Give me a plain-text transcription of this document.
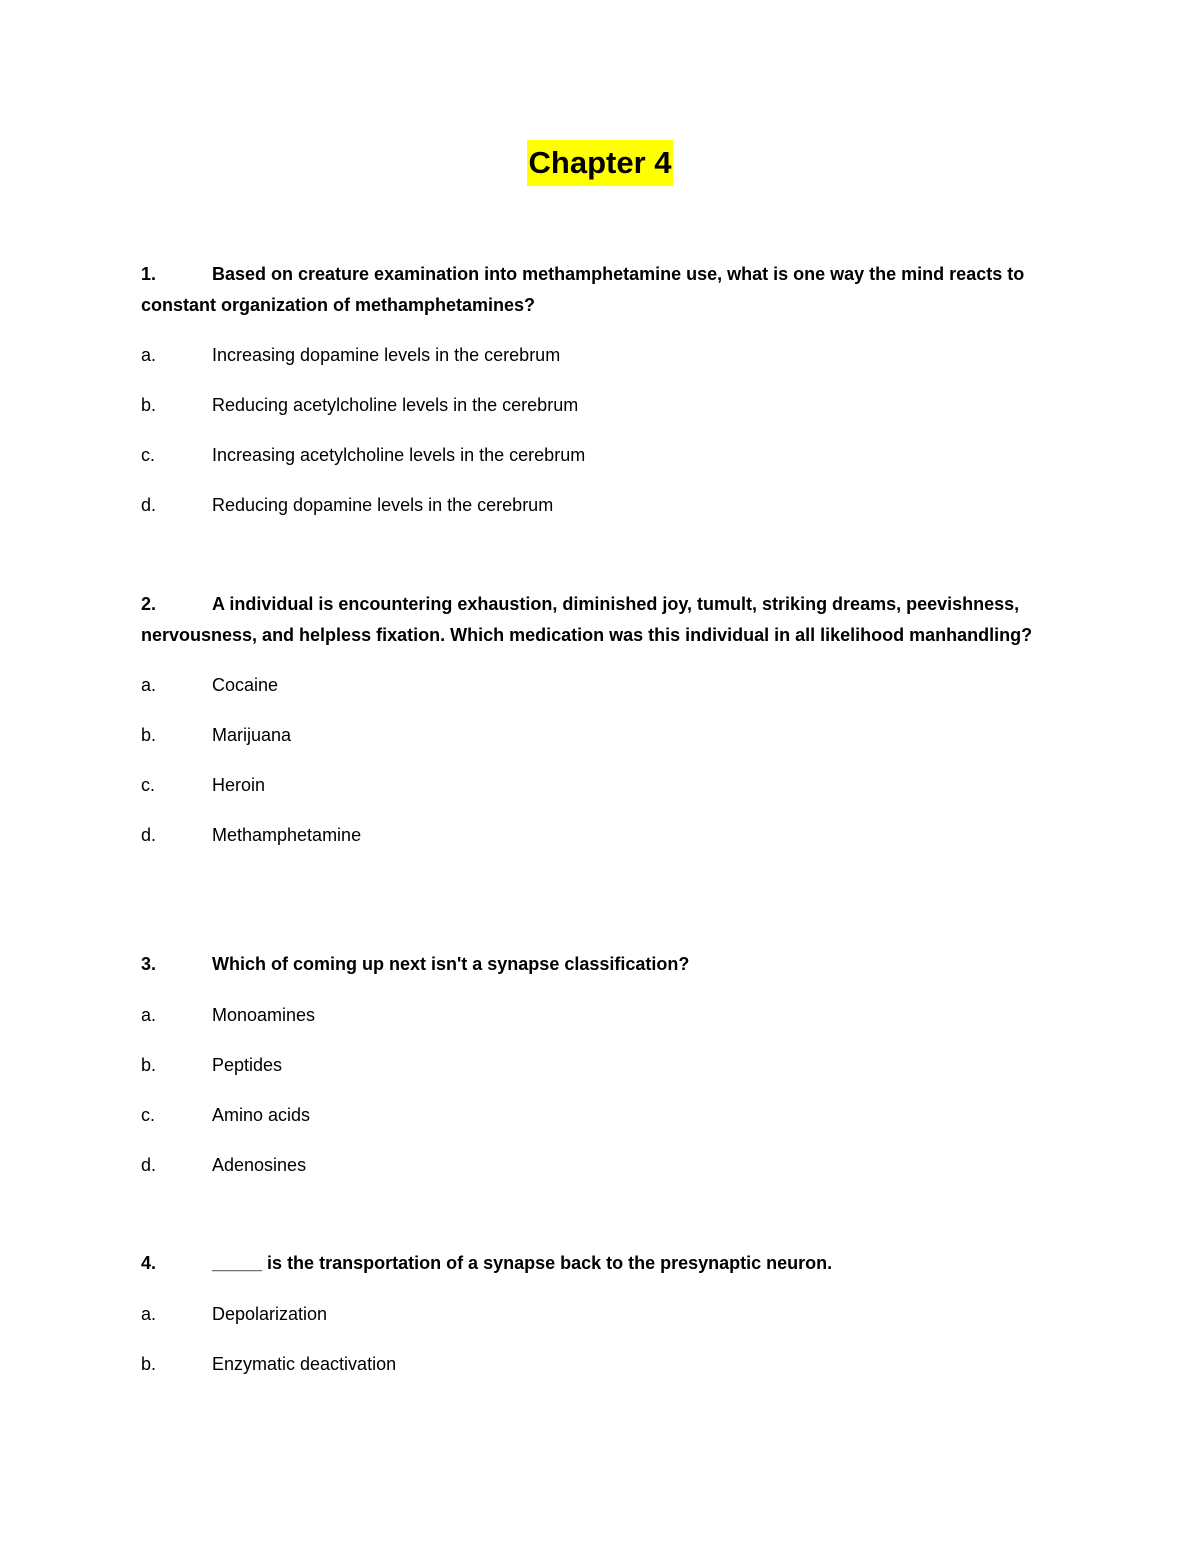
Chapter 4
1.	Based on creature examination into methamphetamine use, what is one way the mind reacts to constant organization of methamphetamines?
a.	Increasing dopamine levels in the cerebrum
b.	Reducing acetylcholine levels in the cerebrum
c.	Increasing acetylcholine levels in the cerebrum
d.	Reducing dopamine levels in the cerebrum
2.	A individual is encountering exhaustion, diminished joy, tumult, striking dreams, peevishness, nervousness, and helpless fixation. Which medication was this individual in all likelihood manhandling?
a.	Cocaine
b.	Marijuana
c.	Heroin
d.	Methamphetamine
3.	Which of coming up next isn't a synapse classification?
a.	Monoamines
b.	Peptides
c.	Amino acids
d.	Adenosines
4.	_____ is the transportation of a synapse back to the presynaptic neuron.
a.	Depolarization
b.	Enzymatic deactivation
